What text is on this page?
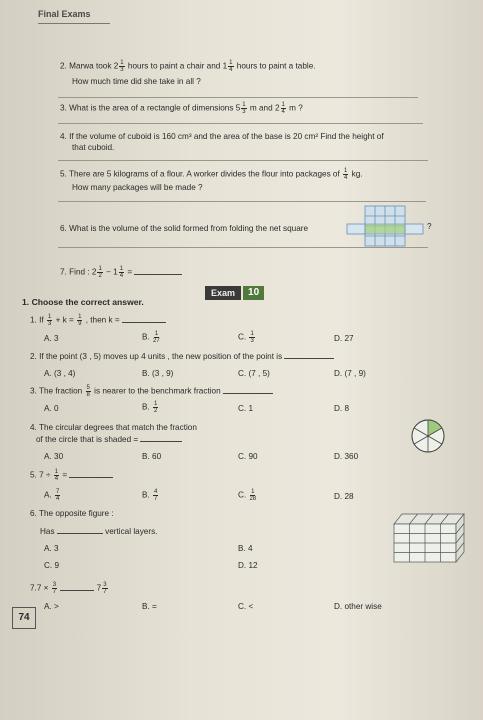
Final Exams
2. Marwa took $2 \frac{1}{3}$ hours to paint a chair and $1 \frac{1}{4}$ hours to paint a table.
How much time did she take in all ?
3. What is the area of a rectangle of dimensions $5 \frac{1}{3}$ m and $2 \frac{1}{4}$ m ?
4. If the volume of cuboid is 160 cm³ and the area of the base is 20 cm² Find the height of
that cuboid.
5. There are 5 kilograms of a flour. A worker divides the flour into packages of $\frac{1}{4}$ kg.
How many packages will be made ?
6. What is the volume of the solid formed from folding the net square	?
7. Find : $2 \frac{1}{2} - 1 \frac{1}{4}$ =
Exam	10
1. Choose the correct answer.
1. If $\frac{1}{3} + k = \frac{1}{9}$ , then k =
A. 3	B. $\frac{1}{27}$	C. $\frac{1}{3}$	D. 27
2. If the point (3 , 5) moves up 4 units , the new position of the point is
A. (3 , 4)	B. (3 , 9)	C. (7 , 5)	D. (7 , 9)
3. The fraction $\frac{5}{8}$ is nearer to the benchmark fraction
A. 0	B. $\frac{1}{2}$	C. 1	D. 8
4. The circular degrees that match the fraction
of the circle that is shaded =
A. 30	B. 60	C. 90	D. 360
5. $7 \div \frac{1}{4}$ =
A. $\frac{7}{4}$	B. $\frac{4}{7}$	C. $\frac{1}{28}$	D. 28
6. The opposite figure :
Has	vertical layers.
A. 3	B. 4
C. 9	D. 12
$7.7 \times \frac{3}{7}$	$7 \frac{3}{7}$
A. >	B. =	C. <	D. other wise
74
